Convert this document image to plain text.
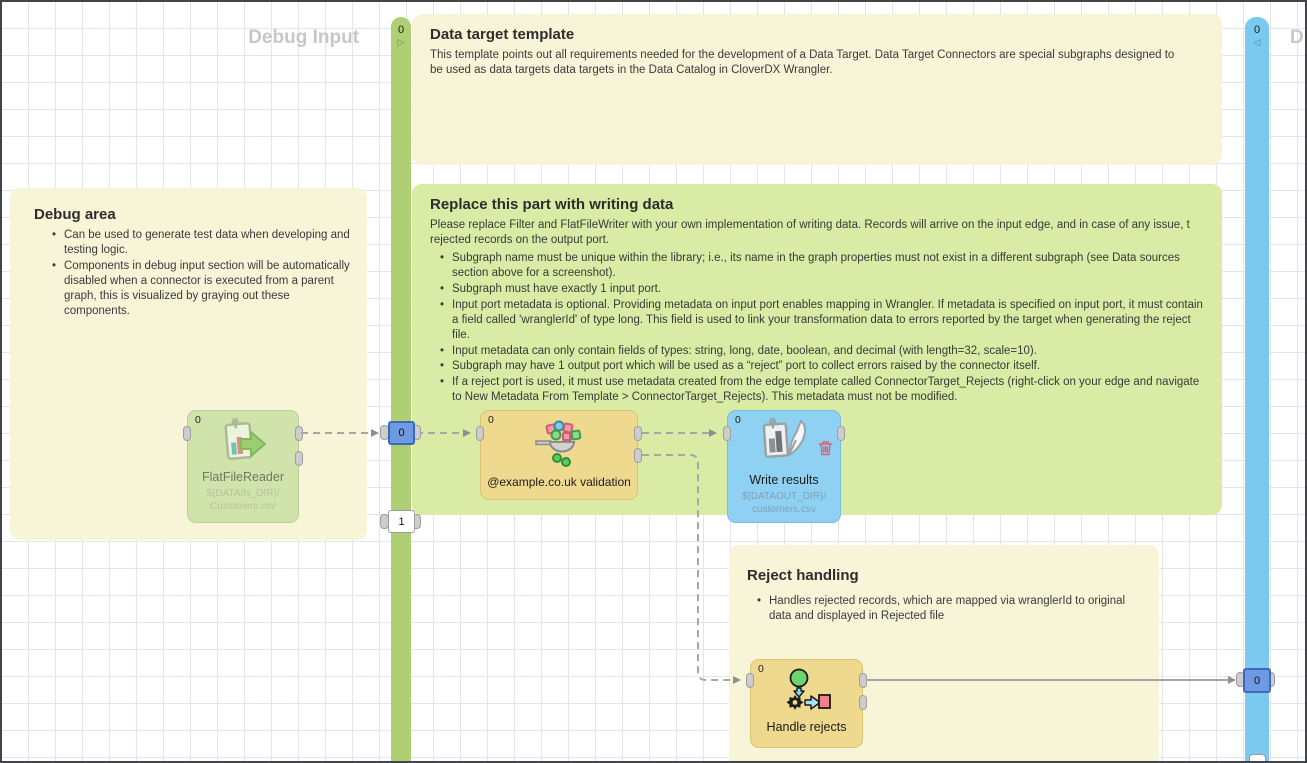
Debug Input	D
Data target template
This template points out all requirements needed for the development of a Data Target. Data Target Connectors are special subgraphs designed to
be used as data targets data targets in the Data Catalog in CloverDX Wrangler.
Debug area
• Can be used to generate test data when developing and testing logic.
• Components in debug input section will be automatically disabled when a connector is executed from a parent graph, this is visualized by graying out these components.
Replace this part with writing data
Please replace Filter and FlatFileWriter with your own implementation of writing data. Records will arrive on the input edge, and in case of any issue, t
rejected records on the output port.
• Subgraph name must be unique within the library; i.e., its name in the graph properties must not exist in a different subgraph (see Data sources section above for a screenshot).
• Subgraph must have exactly 1 input port.
• Input port metadata is optional. Providing metadata on input port enables mapping in Wrangler. If metadata is specified on input port, it must contain a field called 'wranglerId' of type long. This field is used to link your transformation data to errors reported by the target when generating the reject file.
• Input metadata can only contain fields of types: string, long, date, boolean, and decimal (with length=32, scale=10).
• Subgraph may have 1 output port which will be used as a “reject” port to collect errors raised by the connector itself.
• If a reject port is used, it must use metadata created from the edge template called ConnectorTarget_Rejects (right-click on your edge and navigate to New Metadata From Template > ConnectorTarget_Rejects). This metadata must not be modified.
Reject handling
• Handles rejected records, which are mapped via wranglerId to original data and displayed in Rejected file
0
▷
0
◁
0
FlatFileReader
${DATAIN_DIR}/
Customers.csv
0
@example.co.uk validation
0
Write results
${DATAOUT_DIR}/
customers.csv
0
Handle rejects
0
1
0
